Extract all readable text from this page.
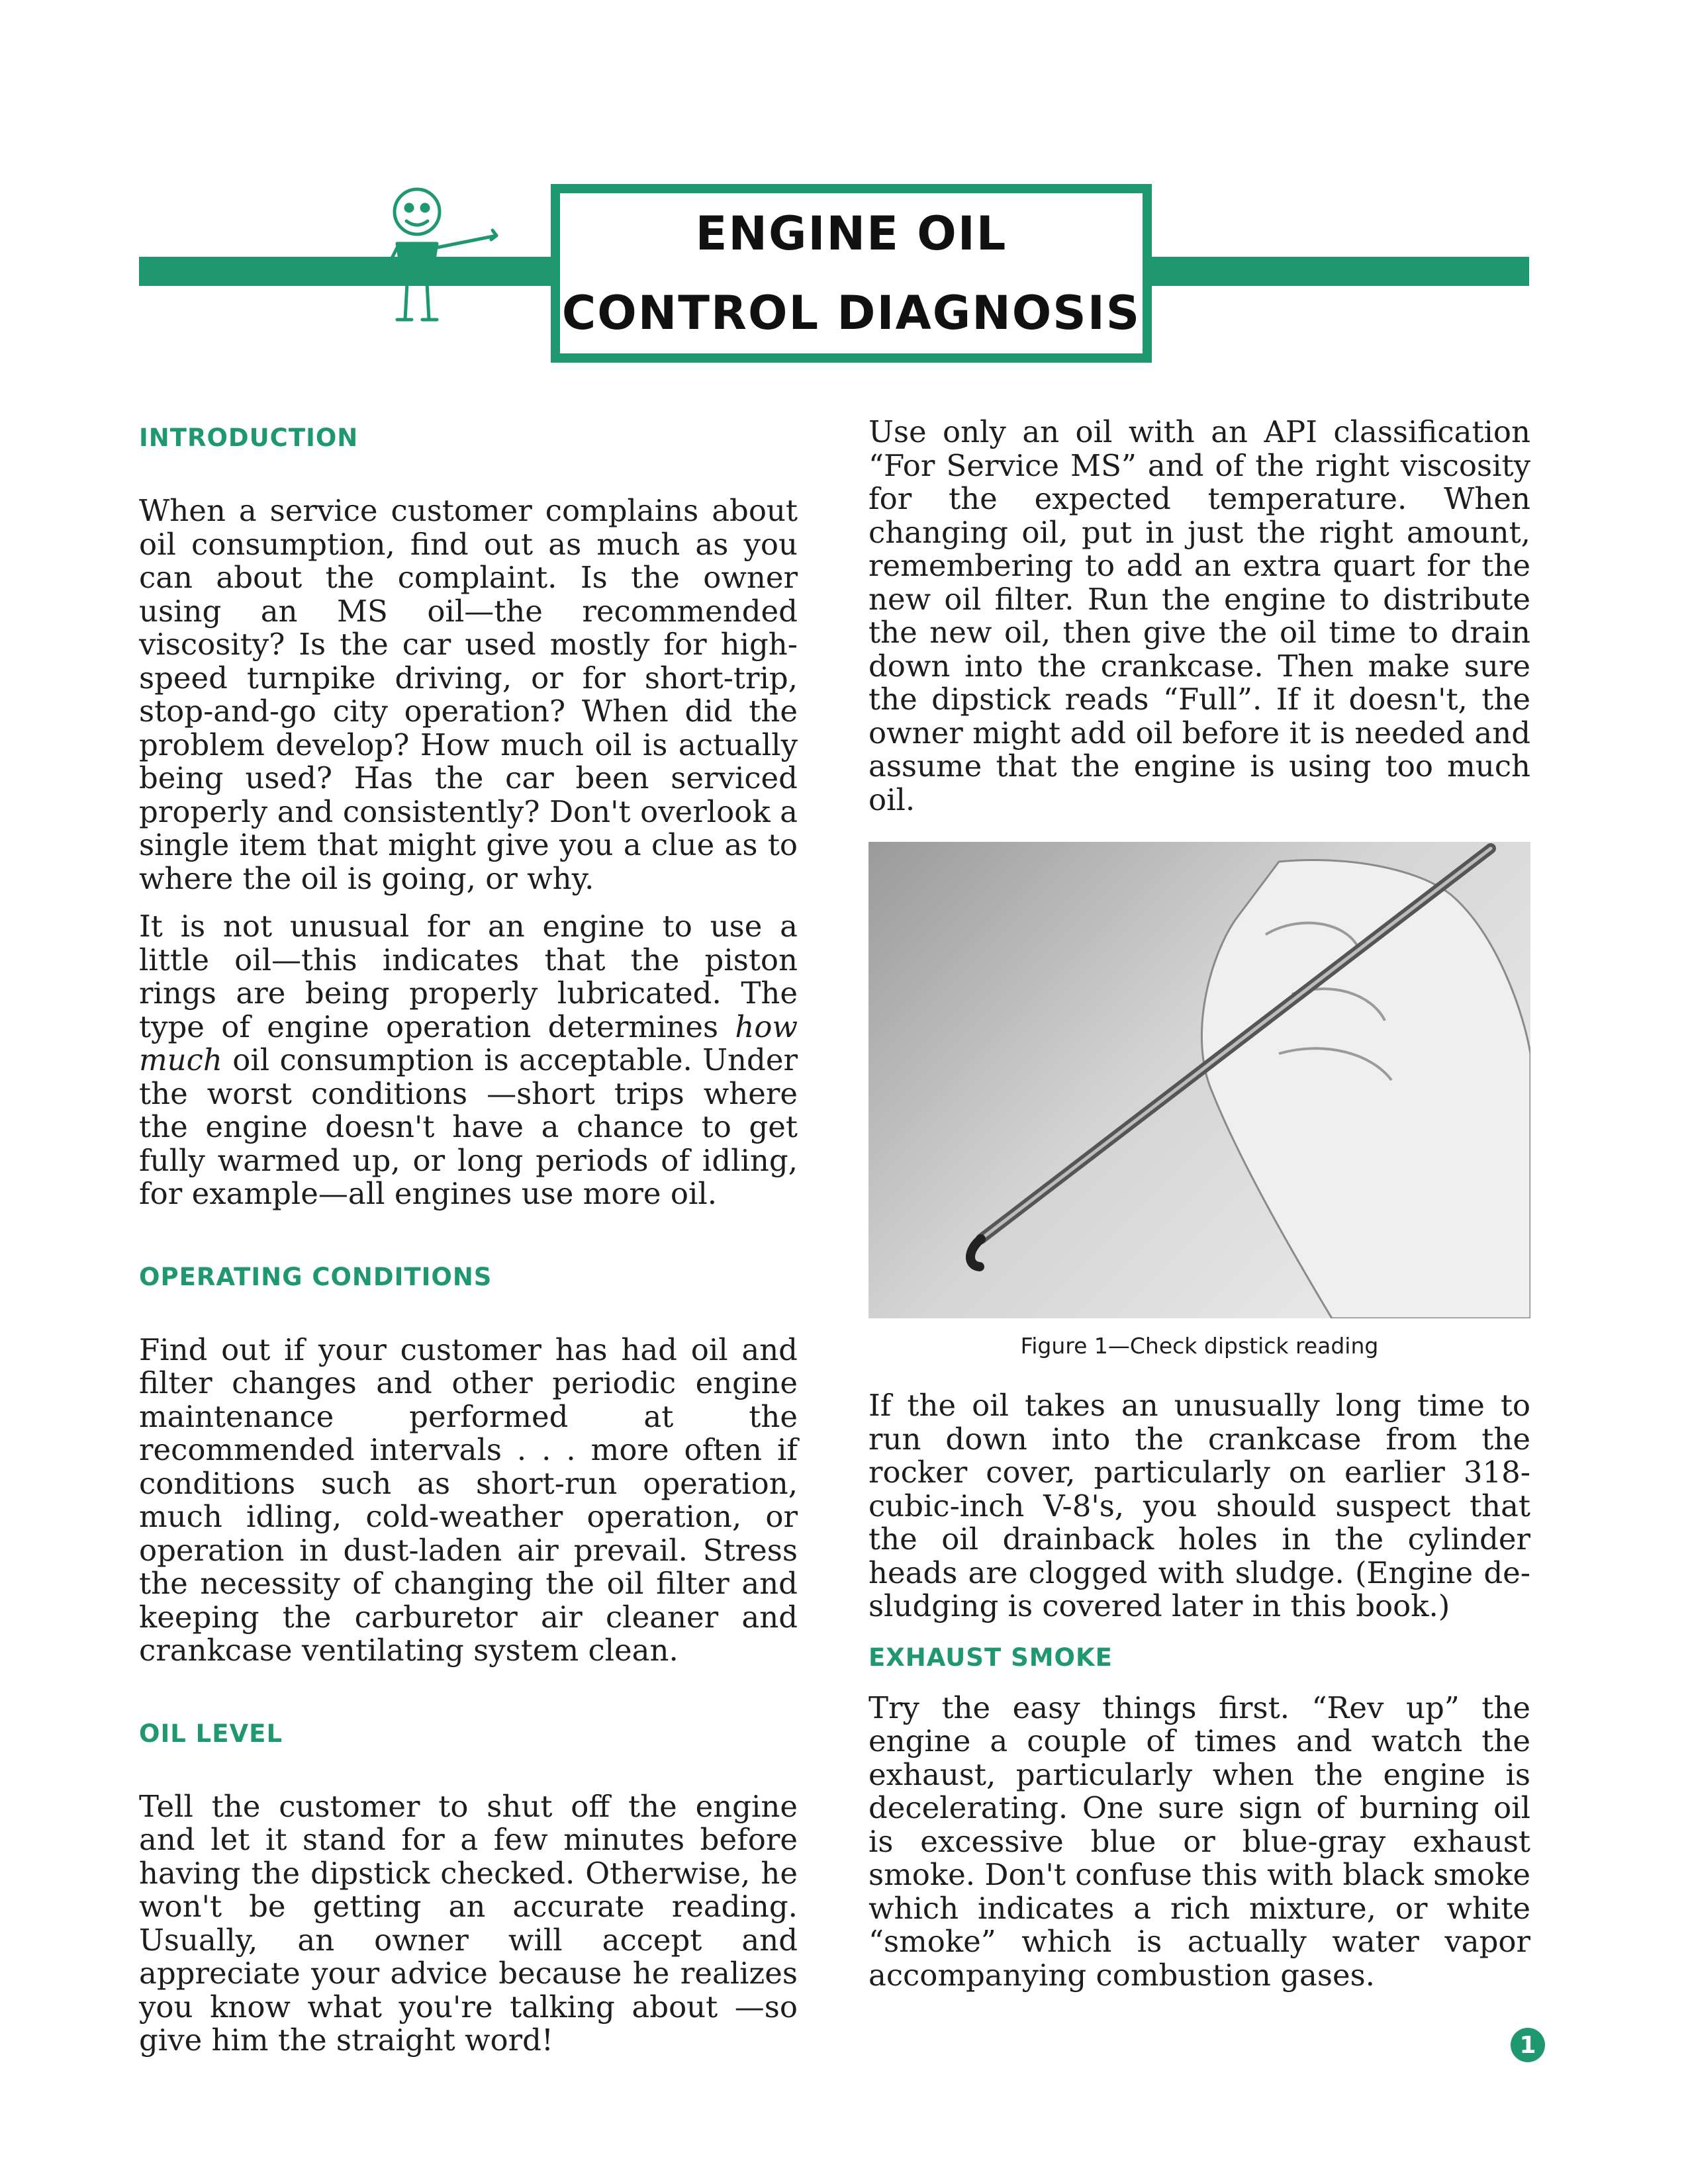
ENGINE OIL
CONTROL DIAGNOSIS
INTRODUCTION

When a service customer complains about oil consumption, find out as much as you can about the complaint. Is the owner using an MS oil—the recommended viscosity? Is the car used mostly for high-speed turnpike driving, or for short-trip, stop-and-go city operation? When did the problem develop? How much oil is actually being used? Has the car been serviced properly and consistently? Don't overlook a single item that might give you a clue as to where the oil is going, or why.

It is not unusual for an engine to use a little oil—this indicates that the piston rings are being properly lubricated. The type of engine operation determines how much oil consumption is acceptable. Under the worst conditions —short trips where the engine doesn't have a chance to get fully warmed up, or long periods of idling, for example—all engines use more oil.

OPERATING CONDITIONS

Find out if your customer has had oil and filter changes and other periodic engine maintenance performed at the recommended intervals . . . more often if conditions such as short-run operation, much idling, cold-weather operation, or operation in dust-laden air prevail. Stress the necessity of changing the oil filter and keeping the carburetor air cleaner and crankcase ventilating system clean.

OIL LEVEL

Tell the customer to shut off the engine and let it stand for a few minutes before having the dipstick checked. Otherwise, he won't be getting an accurate reading. Usually, an owner will accept and appreciate your advice because he realizes you know what you're talking about —so give him the straight word!

Use only an oil with an API classification “For Service MS” and of the right viscosity for the expected temperature. When changing oil, put in just the right amount, remembering to add an extra quart for the new oil filter. Run the engine to distribute the new oil, then give the oil time to drain down into the crankcase. Then make sure the dipstick reads “Full”. If it doesn't, the owner might add oil before it is needed and assume that the engine is using too much oil.

Figure 1—Check dipstick reading

If the oil takes an unusually long time to run down into the crankcase from the rocker cover, particularly on earlier 318-cubic-inch V-8's, you should suspect that the oil drainback holes in the cylinder heads are clogged with sludge. (Engine de-sludging is covered later in this book.)

EXHAUST SMOKE

Try the easy things first. “Rev up” the engine a couple of times and watch the exhaust, particularly when the engine is decelerating. One sure sign of burning oil is excessive blue or blue-gray exhaust smoke. Don't confuse this with black smoke which indicates a rich mixture, or white “smoke” which is actually water vapor accompanying combustion gases.

1
